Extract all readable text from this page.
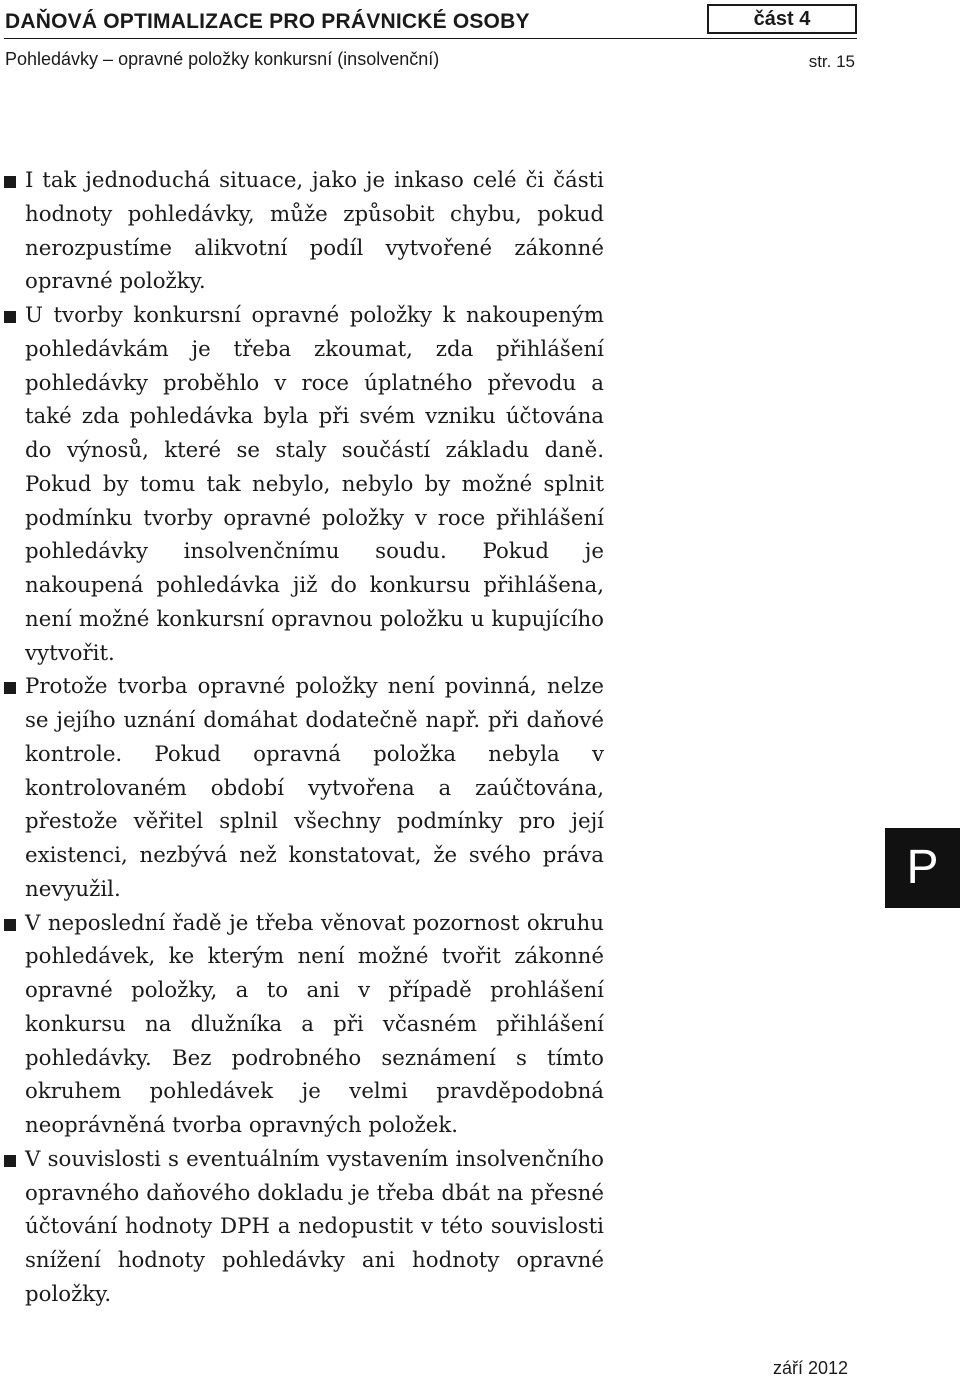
DAŇOVÁ OPTIMALIZACE PRO PRÁVNICKÉ OSOBY	část 4
Pohledávky – opravné položky konkursní (insolvenční)	str. 15

I tak jednoduchá situace, jako je inkaso celé či části hodnoty pohledávky, může způsobit chybu, pokud nerozpustíme alikvotní podíl vytvořené zákonné opravné položky.

U tvorby konkursní opravné položky k nakoupeným pohledávkám je třeba zkoumat, zda přihlášení pohledávky proběhlo v roce úplatného převodu a také zda pohledávka byla při svém vzniku účtována do výnosů, které se staly součástí základu daně. Pokud by tomu tak nebylo, nebylo by možné splnit podmínku tvorby opravné položky v roce přihlášení pohledávky insolvenčnímu soudu. Pokud je nakoupená pohledávka již do konkursu přihlášena, není možné konkursní opravnou položku u kupujícího vytvořit.

Protože tvorba opravné položky není povinná, nelze se jejího uznání domáhat dodatečně např. při daňové kontrole. Pokud opravná položka nebyla v kontrolovaném období vytvořena a zaúčtována, přestože věřitel splnil všechny podmínky pro její existenci, nezbývá než konstatovat, že svého práva nevyužil.

V neposlední řadě je třeba věnovat pozornost okruhu pohledávek, ke kterým není možné tvořit zákonné opravné položky, a to ani v případě prohlášení konkursu na dlužníka a při včasném přihlášení pohledávky. Bez podrobného seznámení s tímto okruhem pohledávek je velmi pravděpodobná neoprávněná tvorba opravných položek.

V souvislosti s eventuálním vystavením insolvenčního opravného daňového dokladu je třeba dbát na přesné účtování hodnoty DPH a nedopustit v této souvislosti snížení hodnoty pohledávky ani hodnoty opravné položky.

P
září 2012
